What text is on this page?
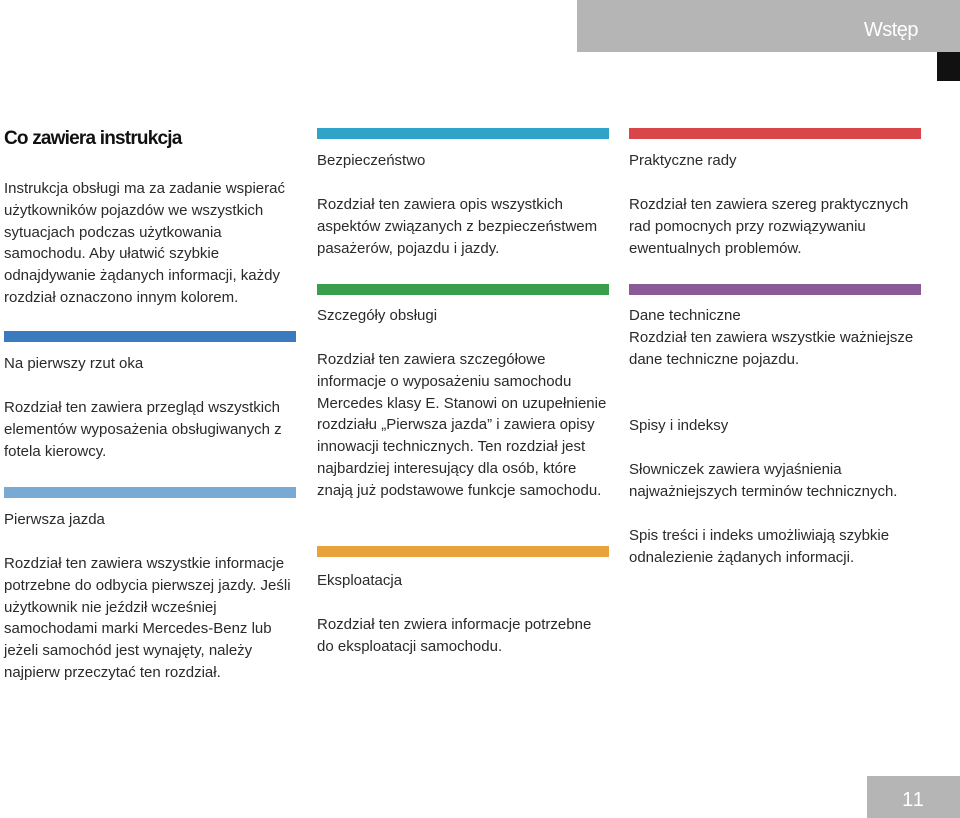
Wstęp
Co zawiera instrukcja

Instrukcja obsługi ma za zadanie wspierać użytkowników pojazdów we wszystkich sytuacjach podczas użytkowania samochodu. Aby ułatwić szybkie odnajdywanie żądanych informacji, każdy rozdział oznaczono innym kolorem.

Na pierwszy rzut oka

Rozdział ten zawiera przegląd wszystkich elementów wyposażenia obsługiwanych z fotela kierowcy.

Pierwsza jazda

Rozdział ten zawiera wszystkie informacje potrzebne do odbycia pierwszej jazdy. Jeśli użytkownik nie jeździł wcześniej samochodami marki Mercedes-Benz lub jeżeli samochód jest wynajęty, należy najpierw przeczytać ten rozdział.

Bezpieczeństwo

Rozdział ten zawiera opis wszystkich aspektów związanych z bezpieczeństwem pasażerów, pojazdu i jazdy.

Szczegóły obsługi

Rozdział ten zawiera szczegółowe informacje o wyposażeniu samochodu Mercedes klasy E. Stanowi on uzupełnienie rozdziału „Pierwsza jazda” i zawiera opisy innowacji technicznych. Ten rozdział jest najbardziej interesujący dla osób, które znają już podstawowe funkcje samochodu.

Eksploatacja

Rozdział ten zwiera informacje potrzebne do eksploatacji samochodu.

Praktyczne rady

Rozdział ten zawiera szereg praktycznych rad pomocnych przy rozwiązywaniu ewentualnych problemów.

Dane techniczne

Rozdział ten zawiera wszystkie ważniejsze dane techniczne pojazdu.

Spisy i indeksy

Słowniczek zawiera wyjaśnienia najważniejszych terminów technicznych.

Spis treści i indeks umożliwiają szybkie odnalezienie żądanych informacji.

11
